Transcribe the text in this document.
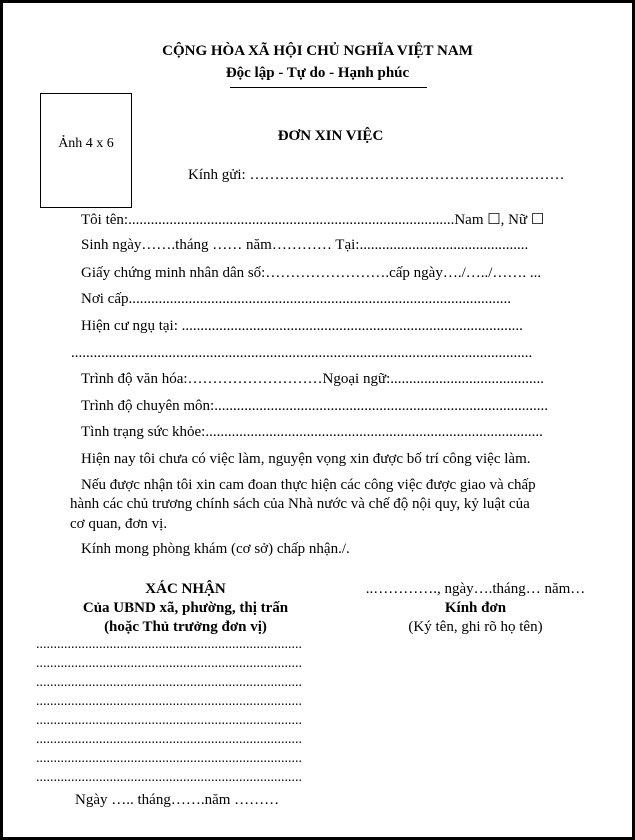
CỘNG HÒA XÃ HỘI CHỦ NGHĨA VIỆT NAM
Độc lập - Tự do - Hạnh phúc
Ảnh 4 x 6	ĐƠN XIN VIỆC
Kính gửi: ………………………………………………………
Tôi tên:.......................................................................................Nam ☐, Nữ ☐
Sinh ngày…….tháng …… năm………… Tại:.............................................
Giấy chứng minh nhân dân số:…………………….cấp ngày…./…../……. ...
Nơi cấp......................................................................................................
Hiện cư ngụ tại: ...........................................................................................
...........................................................................................................................
Trình độ văn hóa:………………………Ngoại ngữ:.........................................
Trình độ chuyên môn:.........................................................................................
Tình trạng sức khỏe:..........................................................................................
Hiện nay tôi chưa có việc làm, nguyện vọng xin được bố trí công việc làm.
Nếu được nhận tôi xin cam đoan thực hiện các công việc được giao và chấp
hành các chủ trương chính sách của Nhà nước và chế độ nội quy, kỷ luật của
cơ quan, đơn vị.
Kính mong phòng khám (cơ sở) chấp nhận./.
XÁC NHẬN
Của UBND xã, phường, thị trấn
(hoặc Thủ trưởng đơn vị)
............................................................................
............................................................................
............................................................................
............................................................................
............................................................................
............................................................................
............................................................................
............................................................................
Ngày ….. tháng…….năm ………
..…………., ngày….tháng… năm…
Kính đơn
(Ký tên, ghi rõ họ tên)
